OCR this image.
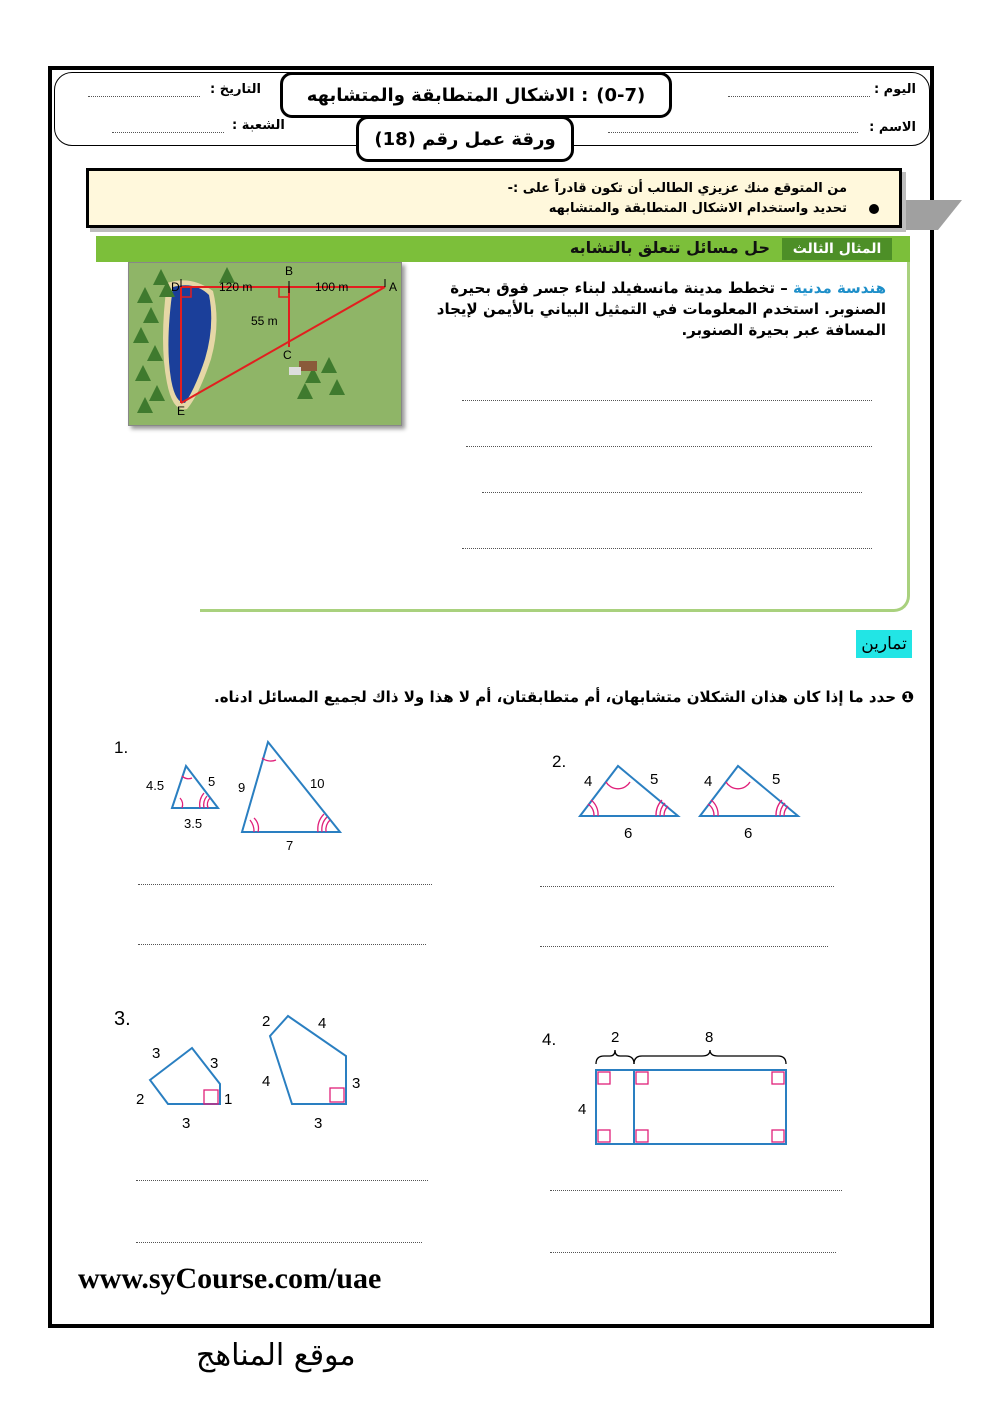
اليوم :
الاسم :
التاريخ :
الشعبة :
(0-7)
: الاشكال المتطابقة والمتشابهه
ورقة عمل رقم (18)
من المتوقع منك عزيزي الطالب أن تكون قادراً على :-
تحديد واستخدام الاشكال المتطابقة والمتشابهه
المثال الثالث
حل مسائل تتعلق بالتشابه
هندسة مدنية – تخطط مدينة مانسفيلد لبناء جسر فوق بحيرة الصنوبر. استخدم المعلومات في التمثيل البياني بالأيمن لإيجاد المسافة عبر بحيرة الصنوبر.
D
B
A
C
E
120 m	100 m
55 m
تمارين
❶ حدد ما إذا كان هذان الشكلان متشابهان، أم متطابقتان، أم لا هذا ولا ذاك لجميع المسائل ادناه.
1.
4.5	5
3.5
9	10
7
2.
4	5
6
4	5
6
3.
3
3
2	1
3
2	4
4	3
3
4.	2	8
4
www.syCourse.com/uae
موقع المناهج
